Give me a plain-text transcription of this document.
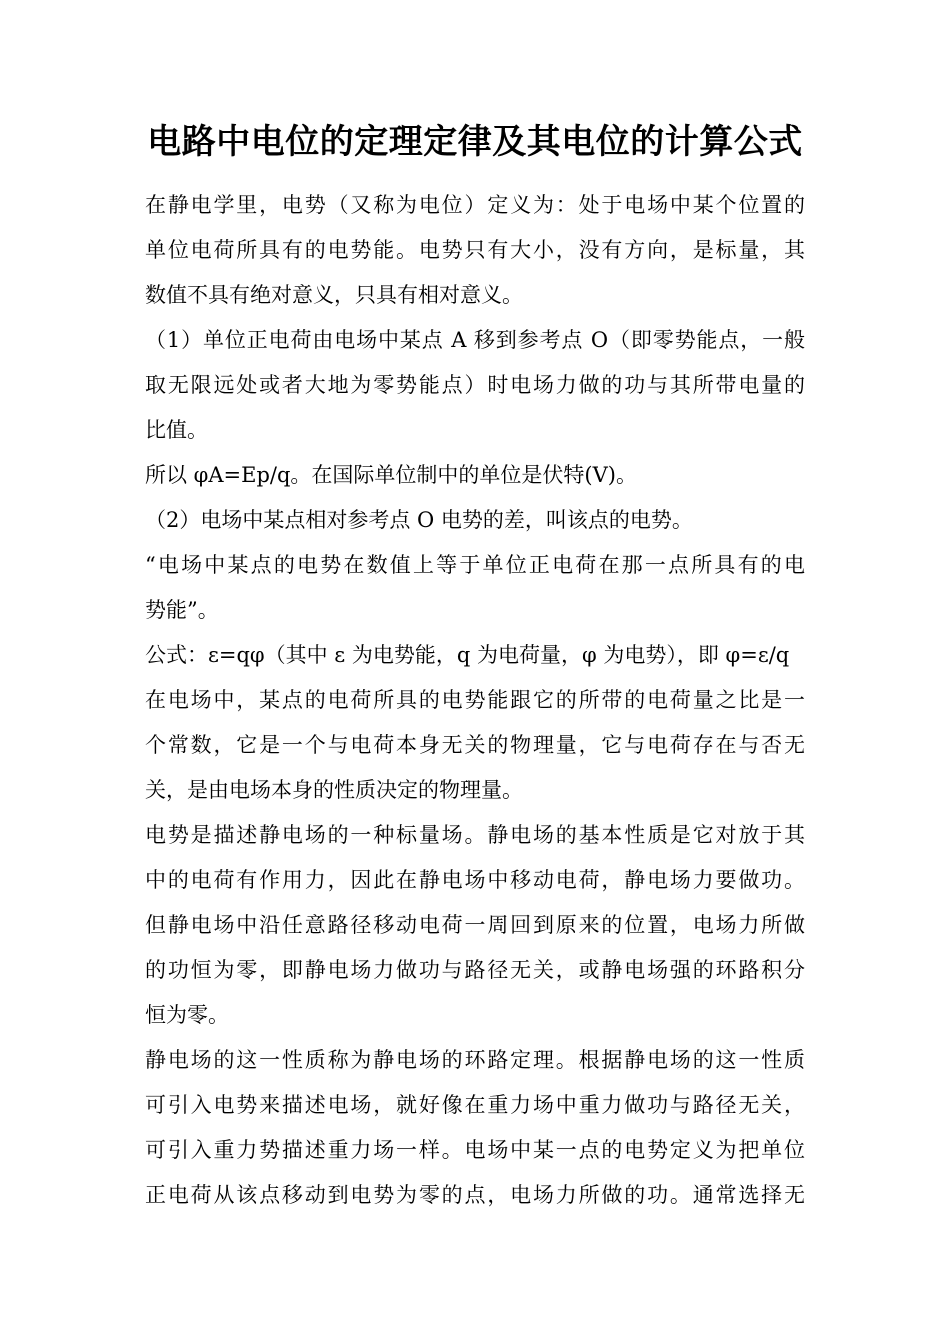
电路中电位的定理定律及其电位的计算公式
在静电学里，电势（又称为电位）定义为：处于电场中某个位置的
单位电荷所具有的电势能。电势只有大小，没有方向，是标量，其
数值不具有绝对意义，只具有相对意义。
（1）单位正电荷由电场中某点 A 移到参考点 O（即零势能点，一般
取无限远处或者大地为零势能点）时电场力做的功与其所带电量的
比值。
所以 φA=Ep/q。在国际单位制中的单位是伏特(V)。
（2）电场中某点相对参考点 O 电势的差，叫该点的电势。
“电场中某点的电势在数值上等于单位正电荷在那一点所具有的电
势能”。
公式：ε=qφ（其中 ε 为电势能，q 为电荷量，φ 为电势），即 φ=ε/q
在电场中，某点的电荷所具的电势能跟它的所带的电荷量之比是一
个常数，它是一个与电荷本身无关的物理量，它与电荷存在与否无
关，是由电场本身的性质决定的物理量。
电势是描述静电场的一种标量场。静电场的基本性质是它对放于其
中的电荷有作用力，因此在静电场中移动电荷，静电场力要做功。
但静电场中沿任意路径移动电荷一周回到原来的位置，电场力所做
的功恒为零，即静电场力做功与路径无关，或静电场强的环路积分
恒为零。
静电场的这一性质称为静电场的环路定理。根据静电场的这一性质
可引入电势来描述电场，就好像在重力场中重力做功与路径无关，
可引入重力势描述重力场一样。电场中某一点的电势定义为把单位
正电荷从该点移动到电势为零的点，电场力所做的功。通常选择无
